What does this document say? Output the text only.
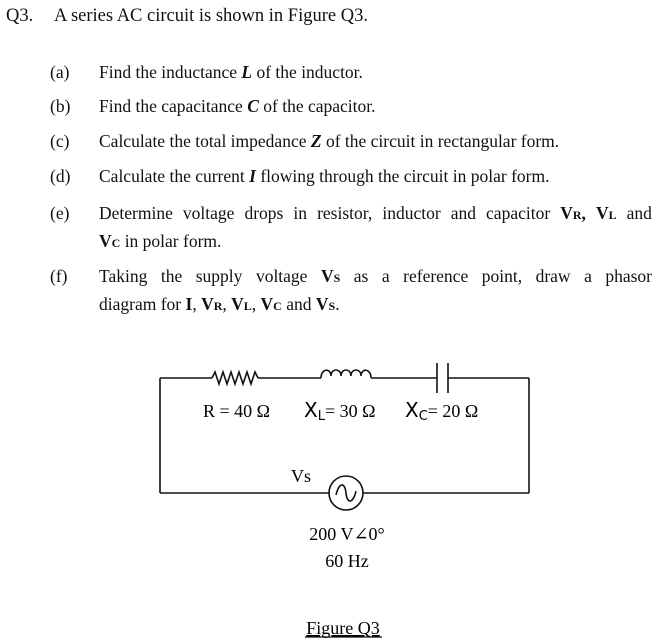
Q3. A series AC circuit is shown in Figure Q3.
(a) Find the inductance L of the inductor.
(b) Find the capacitance C of the capacitor.
(c) Calculate the total impedance Z of the circuit in rectangular form.
(d) Calculate the current I flowing through the circuit in polar form.
(e) Determine voltage drops in resistor, inductor and capacitor VR, VL and
VC in polar form.
(f) Taking the supply voltage VS as a reference point, draw a phasor
diagram for I, VR, VL, VC and VS.
R = 40 Ω XL= 30 Ω XC= 20 Ω
Vs
200 V∠0°
60 Hz
Figure Q3
